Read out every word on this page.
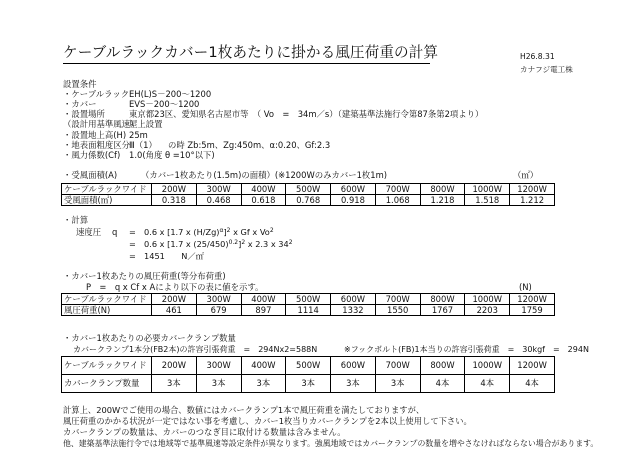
ケーブルラックカバー1枚あたりに掛かる風圧荷重の計算	H26.8.31
カナフジ電工株
設置条件
・ケーブルラック EH(L)S－200～1200
・カバー	EVS－200～1200
・設置場所	東京都23区、愛知県名古屋市等　（ Vo　=　34m／s）（建築基準法施行令第87条第2項より）
（設計用基準風速）
屋上設置
・設置地上高(H) 25m
・地表面粗度区分 Ⅲ（1） の時 Zb:5m、Zg:450m、α:0.20、Gf:2.3
・風力係数(Cf) 1.0(角度 θ =10°以下)
・受風面積(A)	（カバー1枚あたり(1.5m)の面積）(※1200Wのみカバー1枚1m)	（㎡）
ケーブルラックワイド	200W	300W	400W	500W	600W	700W	800W	1000W	1200W
受風面積(㎡)	0.318	0.468	0.618	0.768	0.918	1.068	1.218	1.518	1.212
・計算
速度圧 q =　0.6 x [1.7 x $(H/Zg)^\alpha]^2$ x Gf x $Vo^2$
=　0.6 x [1.7 x $(25/450)^{0.2}]^2$ x 2.3 x $34^2$
=　1451　　N／㎡
・カバー1枚あたりの風圧荷重(等分布荷重)
P　=　q x Cf x Aにより以下の表に値を示す。	(N)
ケーブルラックワイド	200W	300W	400W	500W	600W	700W	800W	1000W	1200W
風圧荷重(N)	461	679	897	1114	1332	1550	1767	2203	1759
・カバー1枚あたりの必要カバークランプ数量
カバークランプ1本分(FB2本)の許容引張荷重　=　294Nx2=588N	※フックボルト(FB)1本当りの許容引張荷重　=　30kgf　=　294N
ケーブルラックワイド	200W	300W	400W	500W	600W	700W	800W	1000W	1200W
カバークランプ数量	3本	3本	3本	3本	3本	3本	4本	4本	4本
計算上、200Wでご使用の場合、数値にはカバークランプ1本で風圧荷重を満たしておりますが、
風圧荷重のかかる状況が一定ではない事を考慮し、カバー1枚当りカバークランプを2本以上使用して下さい。
カバークランプの数量は、カバーのつなぎ目に取付ける数量は含みません。
他、建築基準法施行令では地域等で基準風速等設定条件が異なります。強風地域ではカバークランプの数量を増やさなければならない場合があります。
